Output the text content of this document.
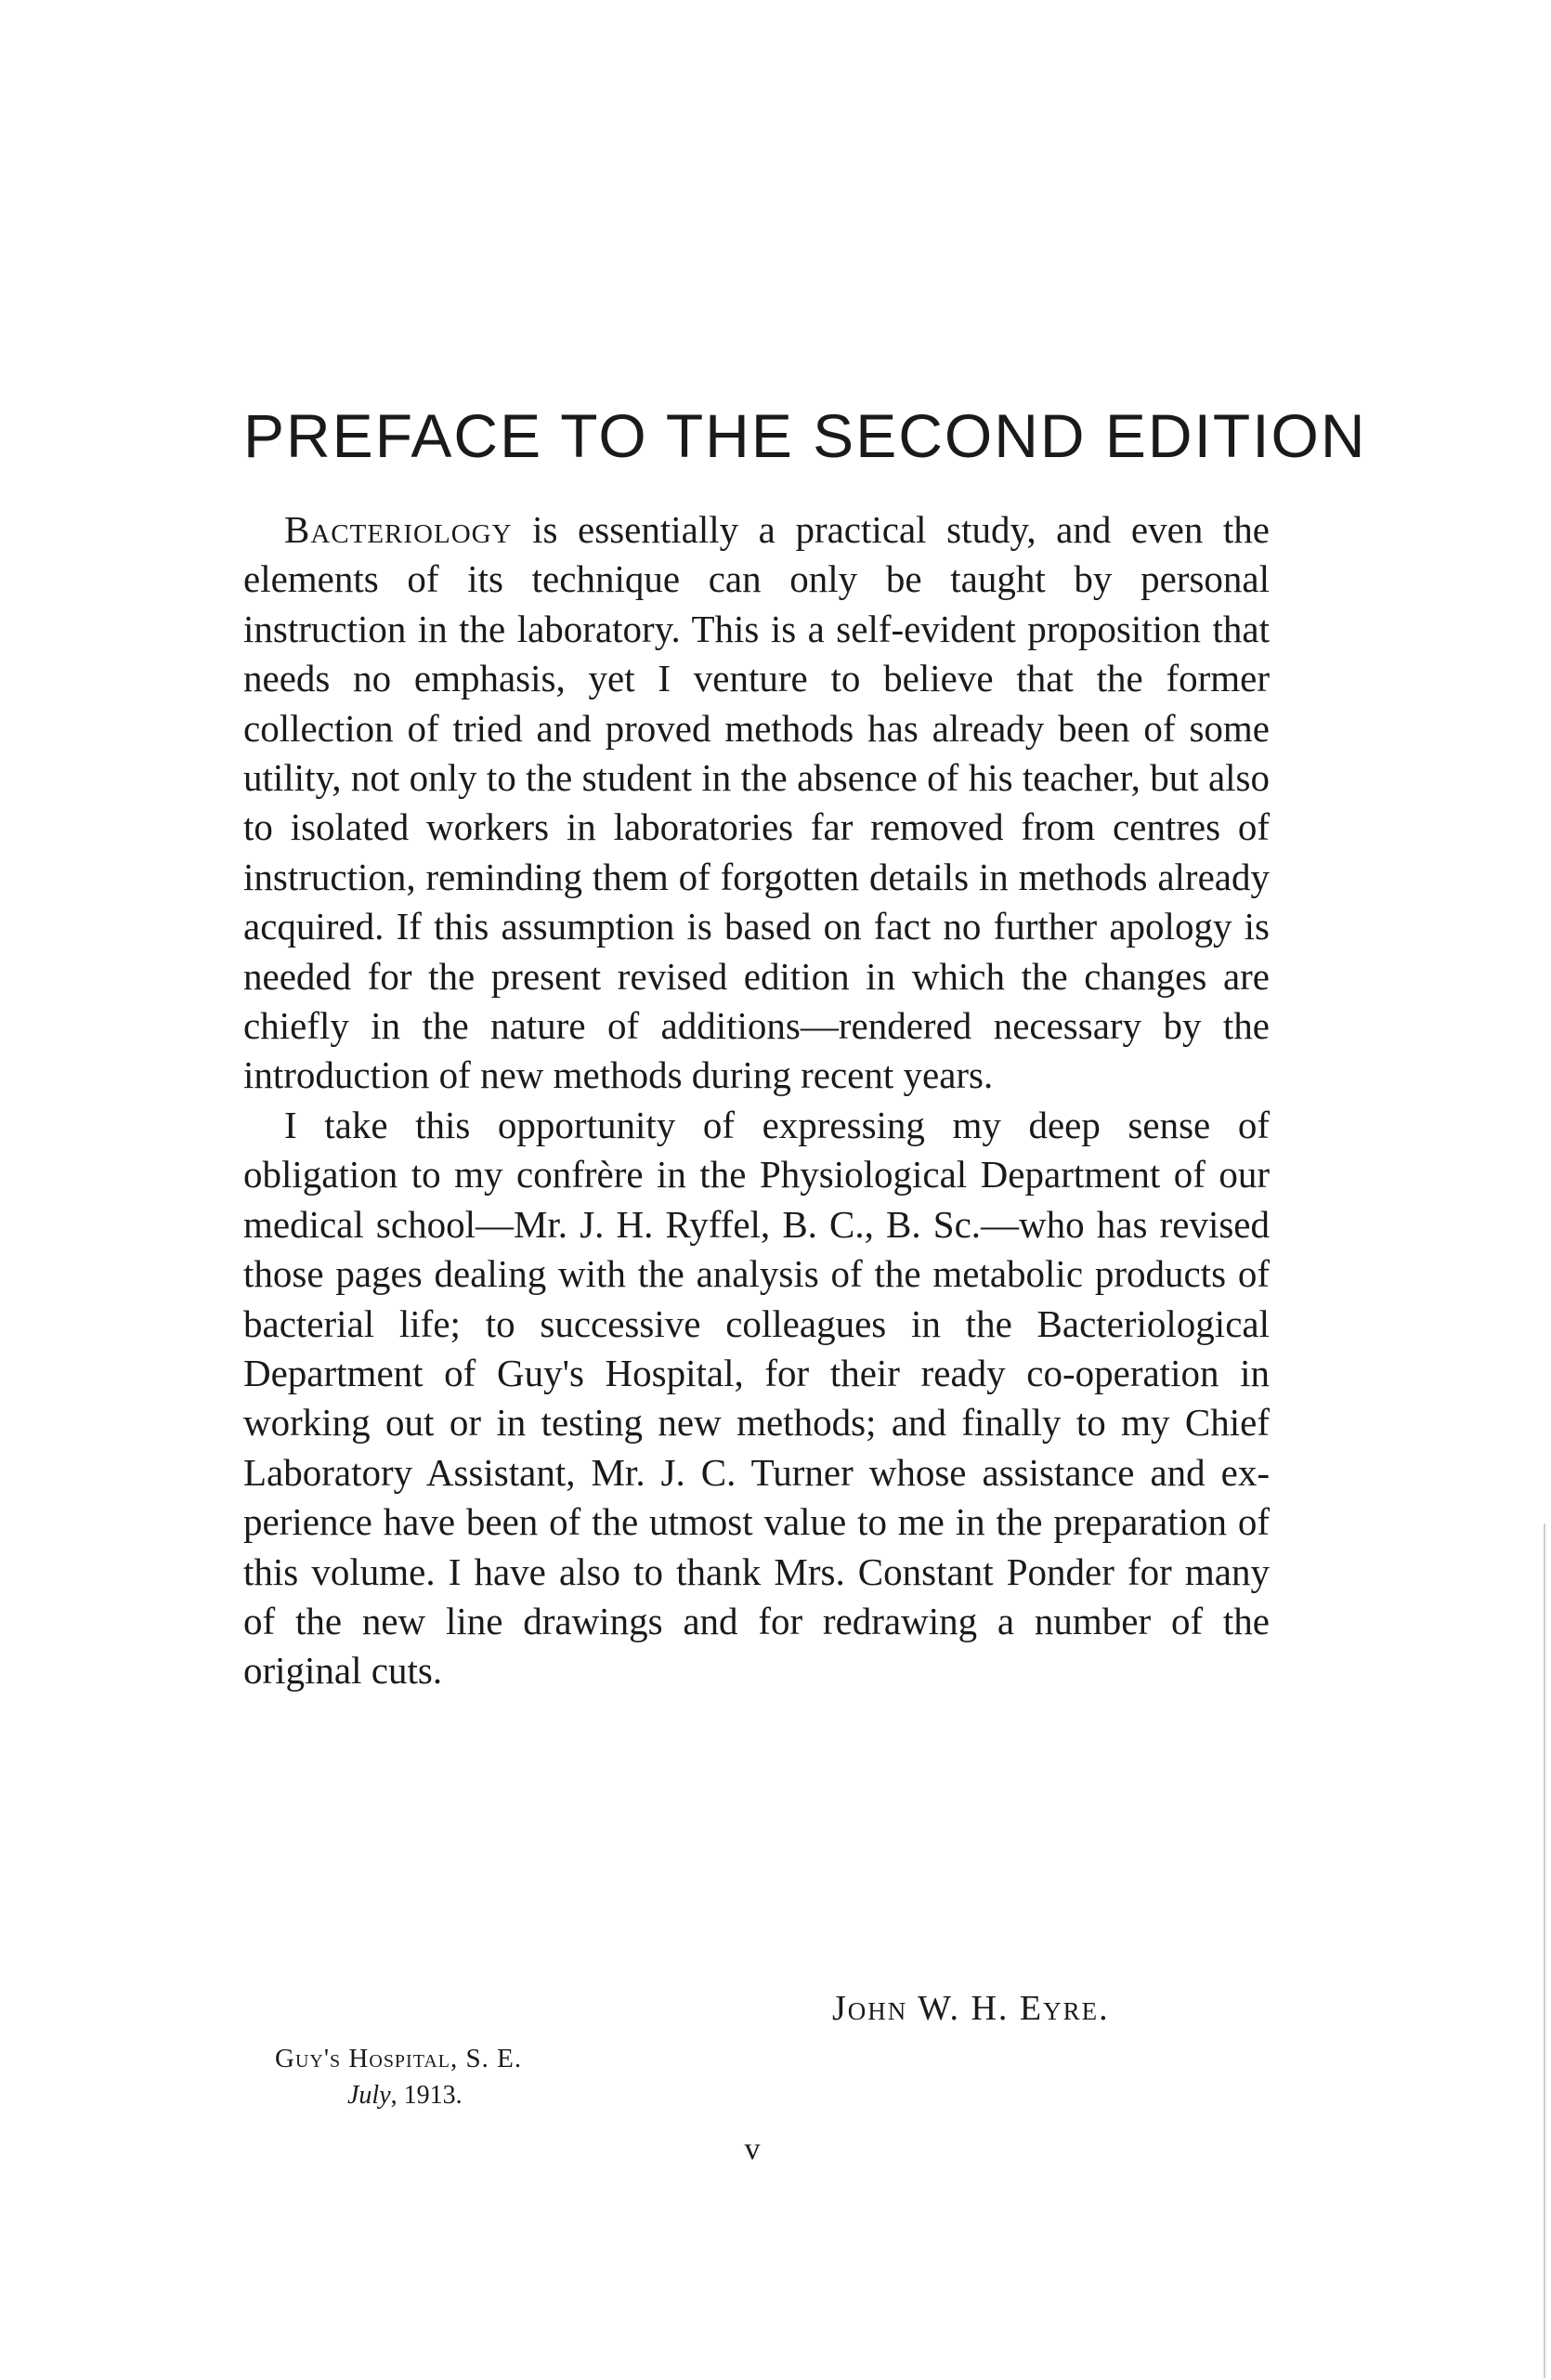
PREFACE TO THE SECOND EDITION

Bacteriology is essentially a practical study, and even the elements of its technique can only be taught by personal instruction in the laboratory. This is a self-evident proposition that needs no emphasis, yet I venture to believe that the former collection of tried and proved methods has already been of some utility, not only to the student in the absence of his teacher, but also to isolated workers in laboratories far removed from centres of instruction, reminding them of forgotten details in methods already acquired. If this assumption is based on fact no further apology is needed for the present revised edition in which the changes are chiefly in the nature of additions—rendered necessary by the introduction of new methods during recent years.

I take this opportunity of expressing my deep sense of obligation to my confrère in the Physiological Department of our medical school—Mr. J. H. Ryffel, B. C., B. Sc.—who has revised those pages dealing with the analysis of the metabolic products of bacterial life; to successive colleagues in the Bacteriological Department of Guy's Hospital, for their ready co-operation in working out or in testing new methods; and finally to my Chief Laboratory Assistant, Mr. J. C. Turner whose assistance and experience have been of the utmost value to me in the preparation of this volume. I have also to thank Mrs. Constant Ponder for many of the new line drawings and for redrawing a number of the original cuts.

John W. H. Eyre.

Guy's Hospital, S. E.

July, 1913.

v
